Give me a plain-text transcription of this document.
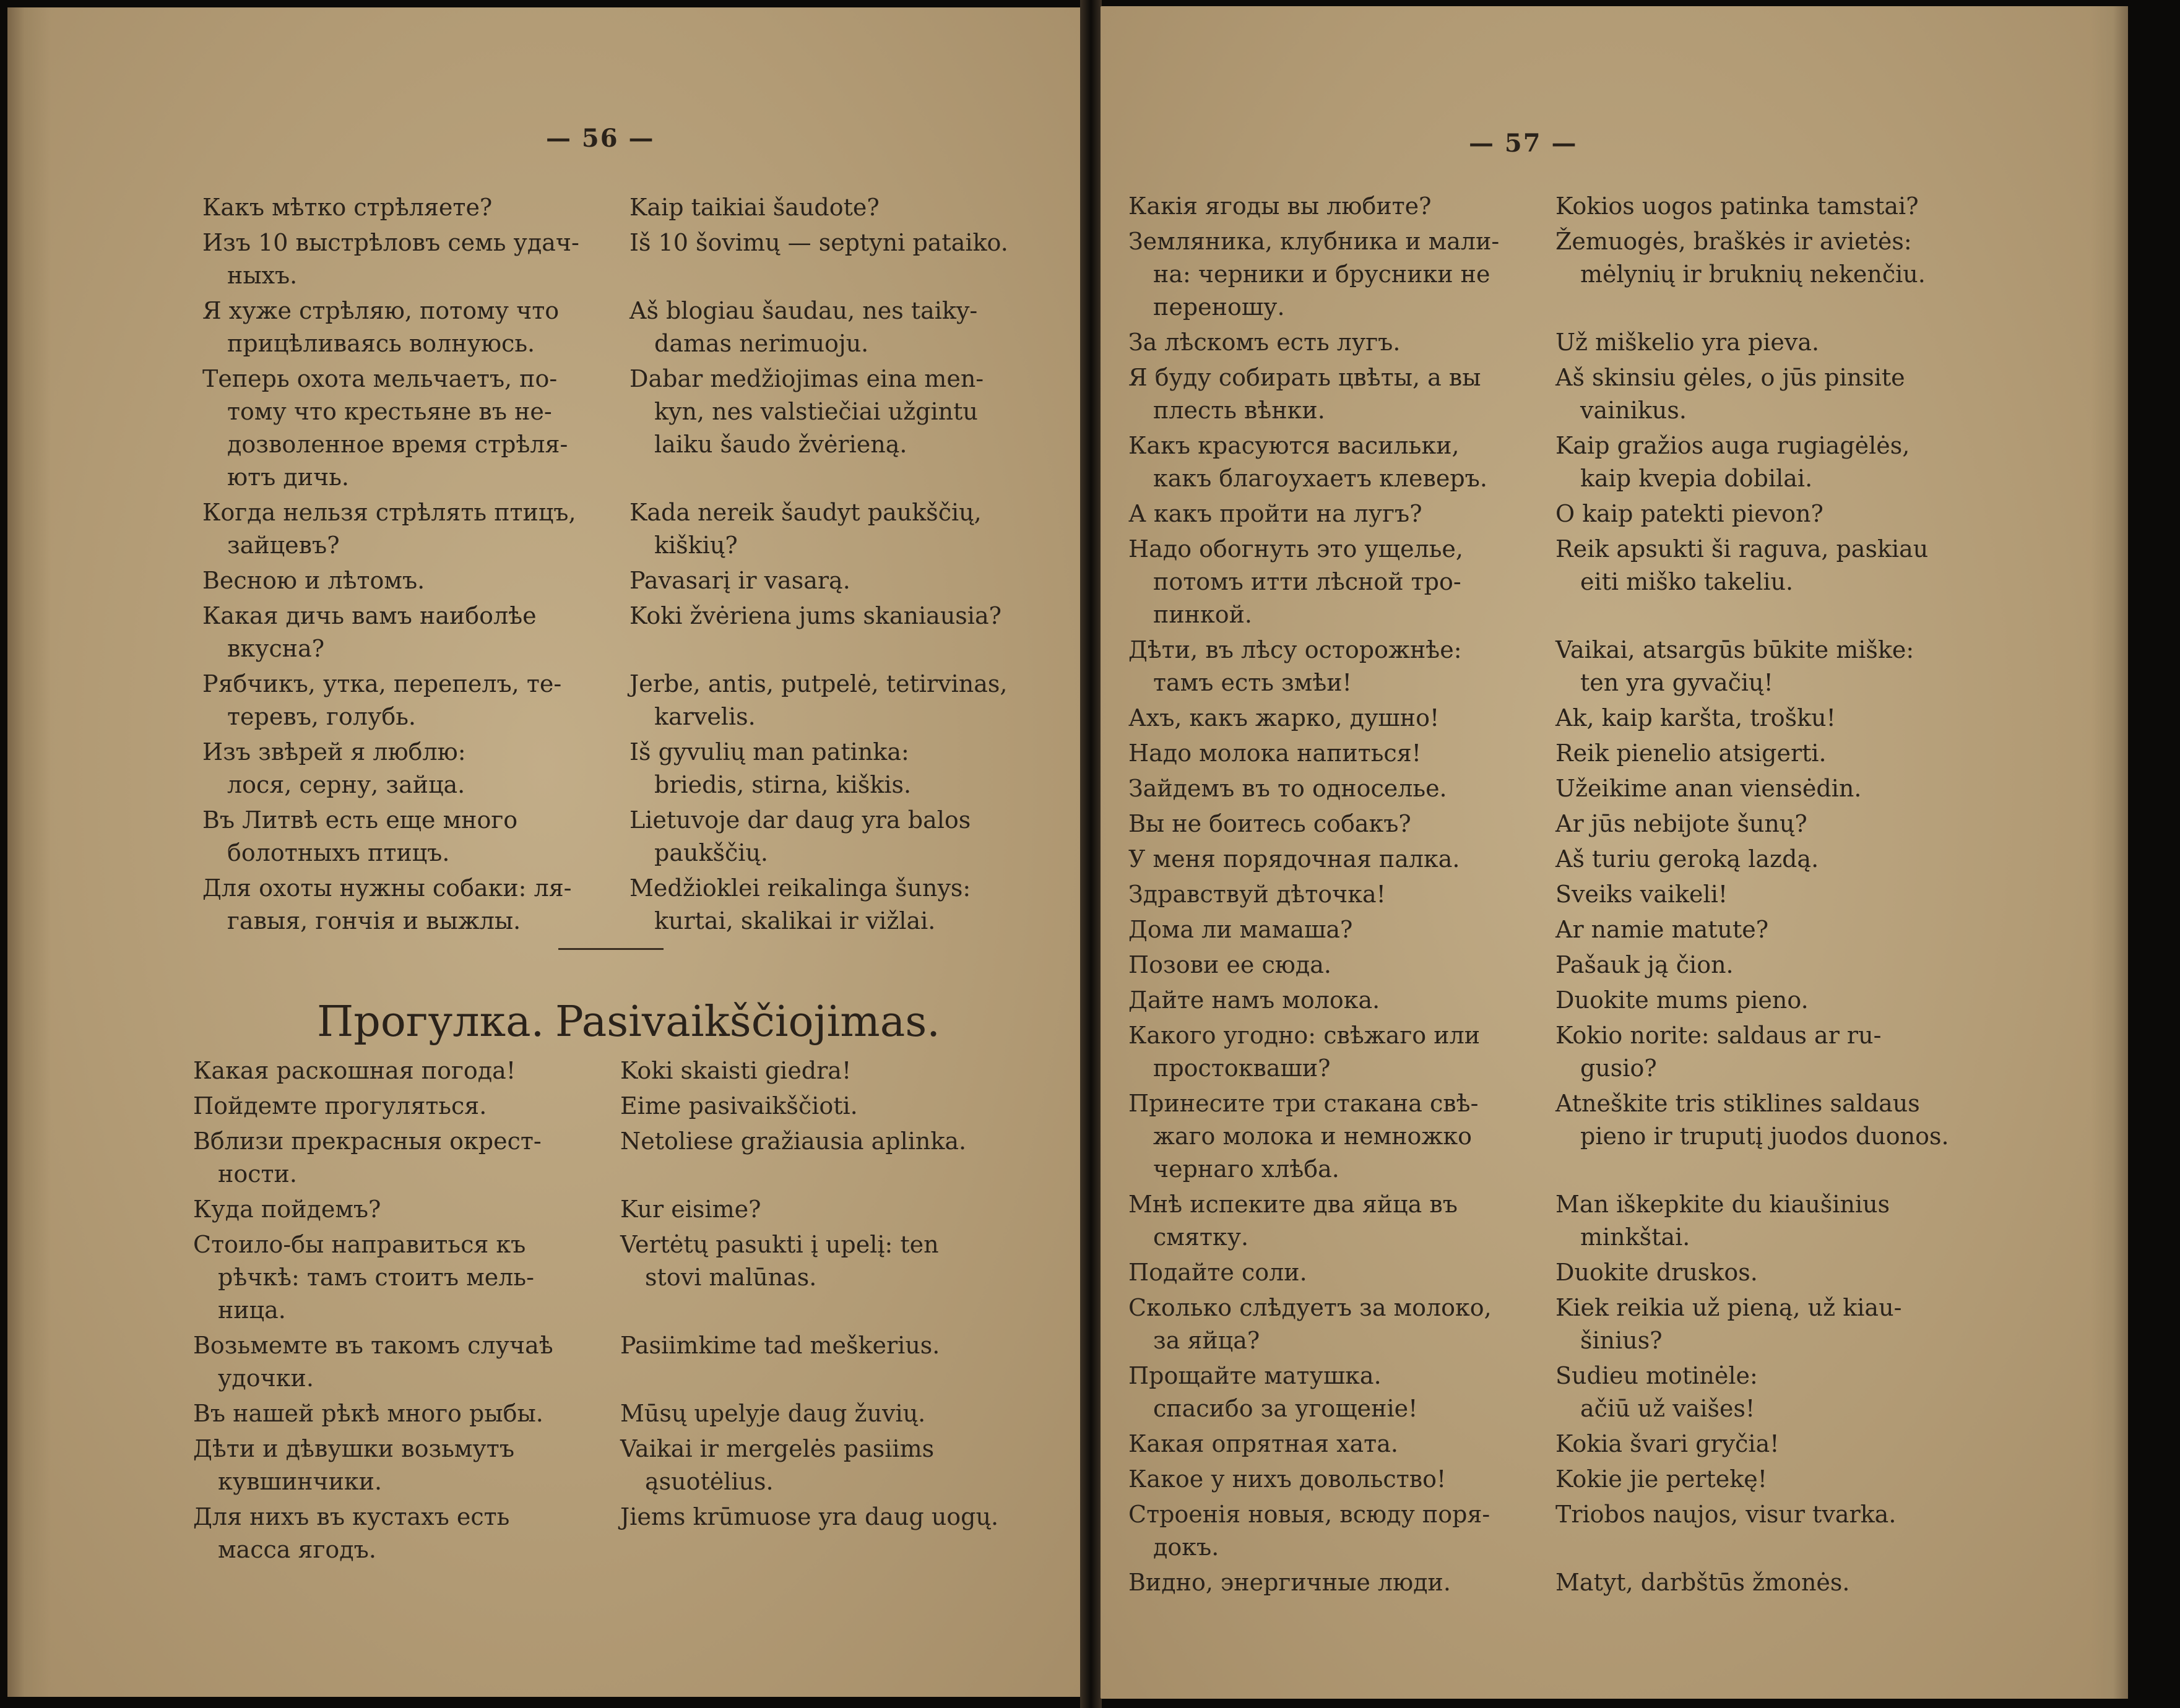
— 56 —
Какъ мѣтко стрѣляете?
Изъ 10 выстрѣловъ семь удач-
ныхъ.
Я хуже стрѣляю, потому что
прицѣливаясь волнуюсь.
Теперь охота мельчаетъ, по-
тому что крестьяне въ не-
дозволенное время стрѣля-
ютъ дичь.
Когда нельзя стрѣлять птицъ,
зайцевъ?
Весною и лѣтомъ.
Какая дичь вамъ наиболѣе
вкусна?
Рябчикъ, утка, перепелъ, те-
теревъ, голубь.
Изъ звѣрей я люблю:
лося, серну, зайца.
Въ Литвѣ есть еще много
болотныхъ птицъ.
Для охоты нужны собаки: ля-
гавыя, гончія и выжлы.
Kaip taikiai šaudote?
Iš 10 šovimų — septyni pataiko.
Aš blogiau šaudau, nes taiky-
damas nerimuoju.
Dabar medžiojimas eina men-
kyn, nes valstiečiai užgintu
laiku šaudo žvėrieną.
Kada nereik šaudyt paukščių,
kiškių?
Pavasarį ir vasarą.
Koki žvėriena jums skaniausia?
Jerbe, antis, putpelė, tetirvinas,
karvelis.
Iš gyvulių man patinka:
briedis, stirna, kiškis.
Lietuvoje dar daug yra balos
paukščių.
Medžioklei reikalinga šunys:
kurtai, skalikai ir vižlai.
Прогулка. Pasivaikščiojimas.
Какая раскошная погода!
Пойдемте прогуляться.
Вблизи прекрасныя окрест-
ности.
Куда пойдемъ?
Стоило-бы направиться къ
рѣчкѣ: тамъ стоитъ мель-
ница.
Возьмемте въ такомъ случаѣ
удочки.
Въ нашей рѣкѣ много рыбы.
Дѣти и дѣвушки возьмутъ
кувшинчики.
Для нихъ въ кустахъ есть
масса ягодъ.
Koki skaisti giedra!
Eime pasivaikščioti.
Netoliese gražiausia aplinka.
Kur eisime?
Vertėtų pasukti į upelį: ten
stovi malūnas.
Pasiimkime tad meškerius.
Mūsų upelyje daug žuvių.
Vaikai ir mergelės pasiims
ąsuotėlius.
Jiems krūmuose yra daug uogų.
— 57 —
Какія ягоды вы любите?
Земляника, клубника и мали-
на: черники и брусники не
переношу.
За лѣскомъ есть лугъ.
Я буду собирать цвѣты, а вы
плесть вѣнки.
Какъ красуются васильки,
какъ благоухаетъ клеверъ.
А какъ пройти на лугъ?
Надо обогнуть это ущелье,
потомъ итти лѣсной тро-
пинкой.
Дѣти, въ лѣсу осторожнѣе:
тамъ есть змѣи!
Ахъ, какъ жарко, душно!
Надо молока напиться!
Зайдемъ въ то односелье.
Вы не боитесь собакъ?
У меня порядочная палка.
Здравствуй дѣточка!
Дома ли мамаша?
Позови ее сюда.
Дайте намъ молока.
Какого угодно: свѣжаго или
простокваши?
Принесите три стакана свѣ-
жаго молока и немножко
чернаго хлѣба.
Мнѣ испеките два яйца въ
смятку.
Подайте соли.
Сколько слѣдуетъ за молоко,
за яйца?
Прощайте матушка.
спасибо за угощеніе!
Какая опрятная хата.
Какое у нихъ довольство!
Строенія новыя, всюду поря-
докъ.
Видно, энергичные люди.
Kokios uogos patinka tamstai?
Žemuogės, braškės ir avietės:
mėlynių ir bruknių nekenčiu.
Už miškelio yra pieva.
Aš skinsiu gėles, o jūs pinsite
vainikus.
Kaip gražios auga rugiagėlės,
kaip kvepia dobilai.
O kaip patekti pievon?
Reik apsukti ši raguva, paskiau
eiti miško takeliu.
Vaikai, atsargūs būkite miške:
ten yra gyvačių!
Ak, kaip karšta, trošku!
Reik pienelio atsigerti.
Užeikime anan viensėdin.
Ar jūs nebijote šunų?
Aš turiu gerоką lazdą.
Sveiks vaikeli!
Ar namie matute?
Pašauk ją čion.
Duokite mums pieno.
Kokio norite: saldaus ar ru-
gusio?
Atneškite tris stiklines saldaus
pieno ir truputį juodos duonos.
Man iškepkite du kiaušinius
minkštai.
Duokite druskos.
Kiek reikia už pieną, už kiau-
šinius?
Sudieu motinėle:
ačiū už vaišes!
Kokia švari gryčia!
Kokie jie pertekę!
Triobos naujos, visur tvarka.
Matyt, darbštūs žmonės.
